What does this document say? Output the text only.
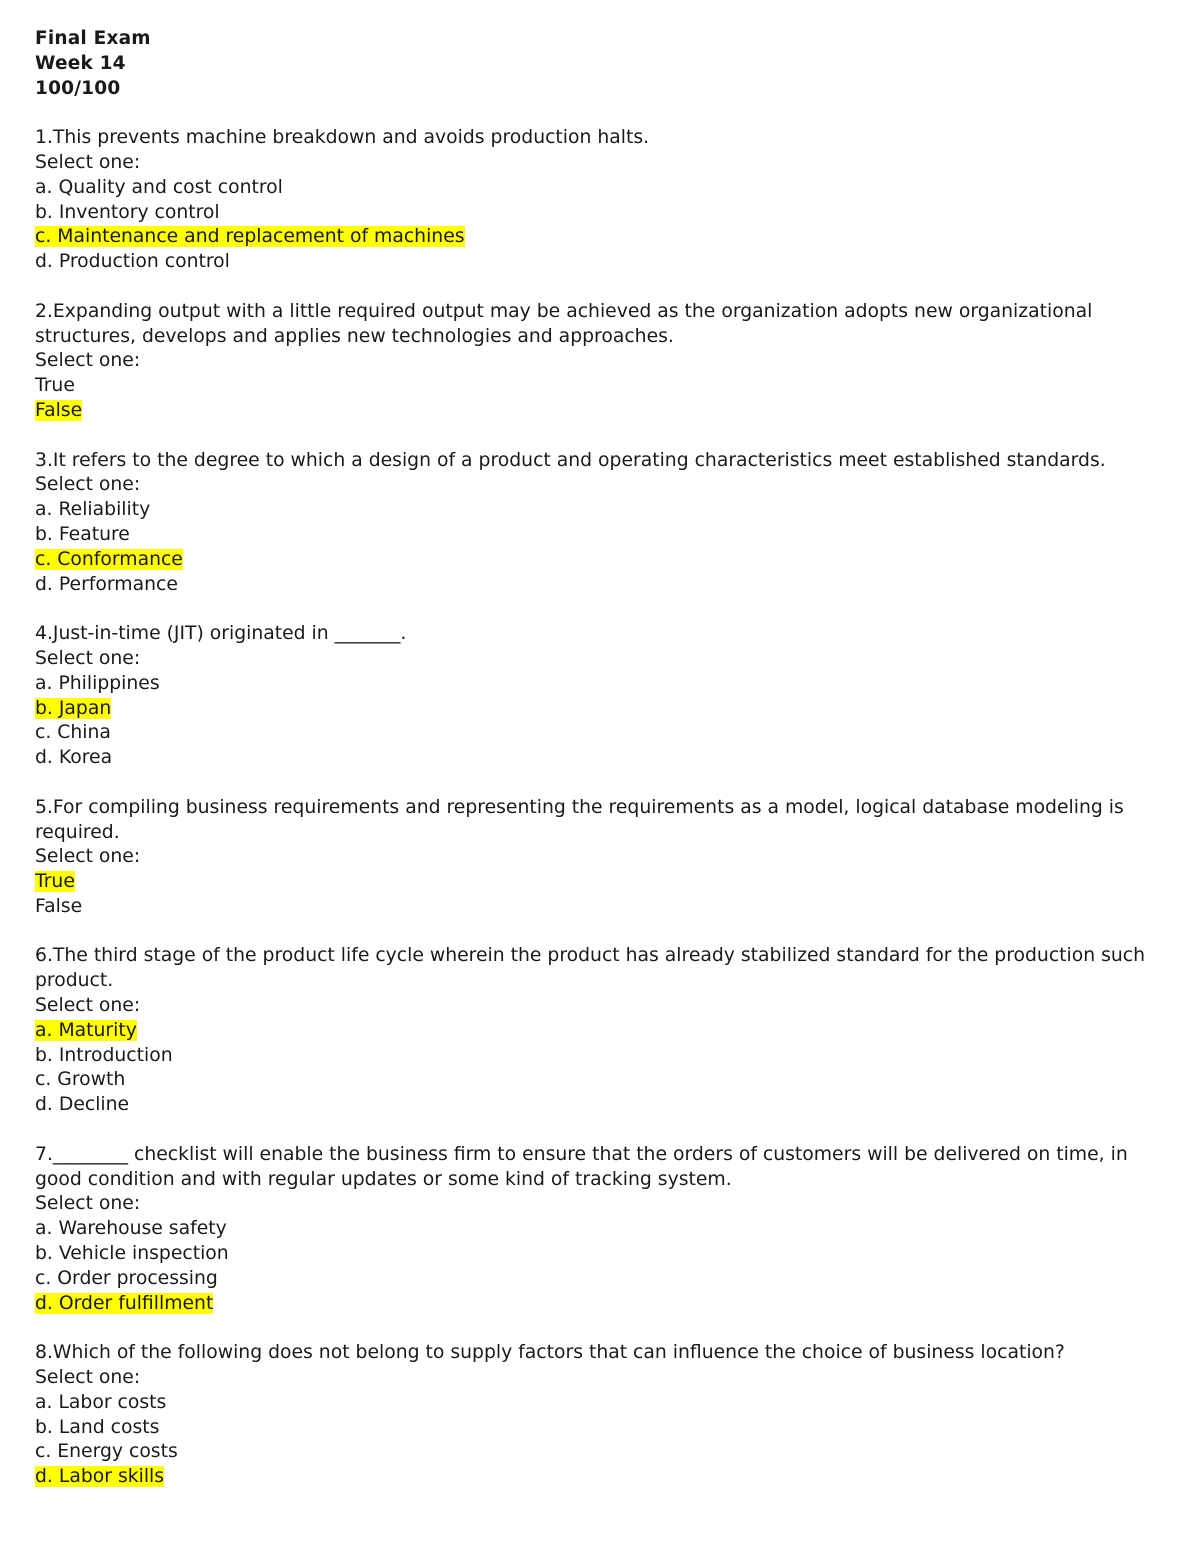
Final Exam
Week 14
100/100
1.This prevents machine breakdown and avoids production halts.
Select one:
a. Quality and cost control
b. Inventory control
c. Maintenance and replacement of machines
d. Production control
2.Expanding output with a little required output may be achieved as the organization adopts new organizational structures, develops and applies new technologies and approaches.
Select one:
True
False
3.It refers to the degree to which a design of a product and operating characteristics meet established standards.
Select one:
a. Reliability
b. Feature
c. Conformance
d. Performance
4.Just-in-time (JIT) originated in _______.
Select one:
a. Philippines
b. Japan
c. China
d. Korea
5.For compiling business requirements and representing the requirements as a model, logical database modeling is required.
Select one:
True
False
6.The third stage of the product life cycle wherein the product has already stabilized standard for the production such product.
Select one:
a. Maturity
b. Introduction
c. Growth
d. Decline
7.________ checklist will enable the business firm to ensure that the orders of customers will be delivered on time, in good condition and with regular updates or some kind of tracking system.
Select one:
a. Warehouse safety
b. Vehicle inspection
c. Order processing
d. Order fulfillment
8.Which of the following does not belong to supply factors that can influence the choice of business location?
Select one:
a. Labor costs
b. Land costs
c. Energy costs
d. Labor skills
